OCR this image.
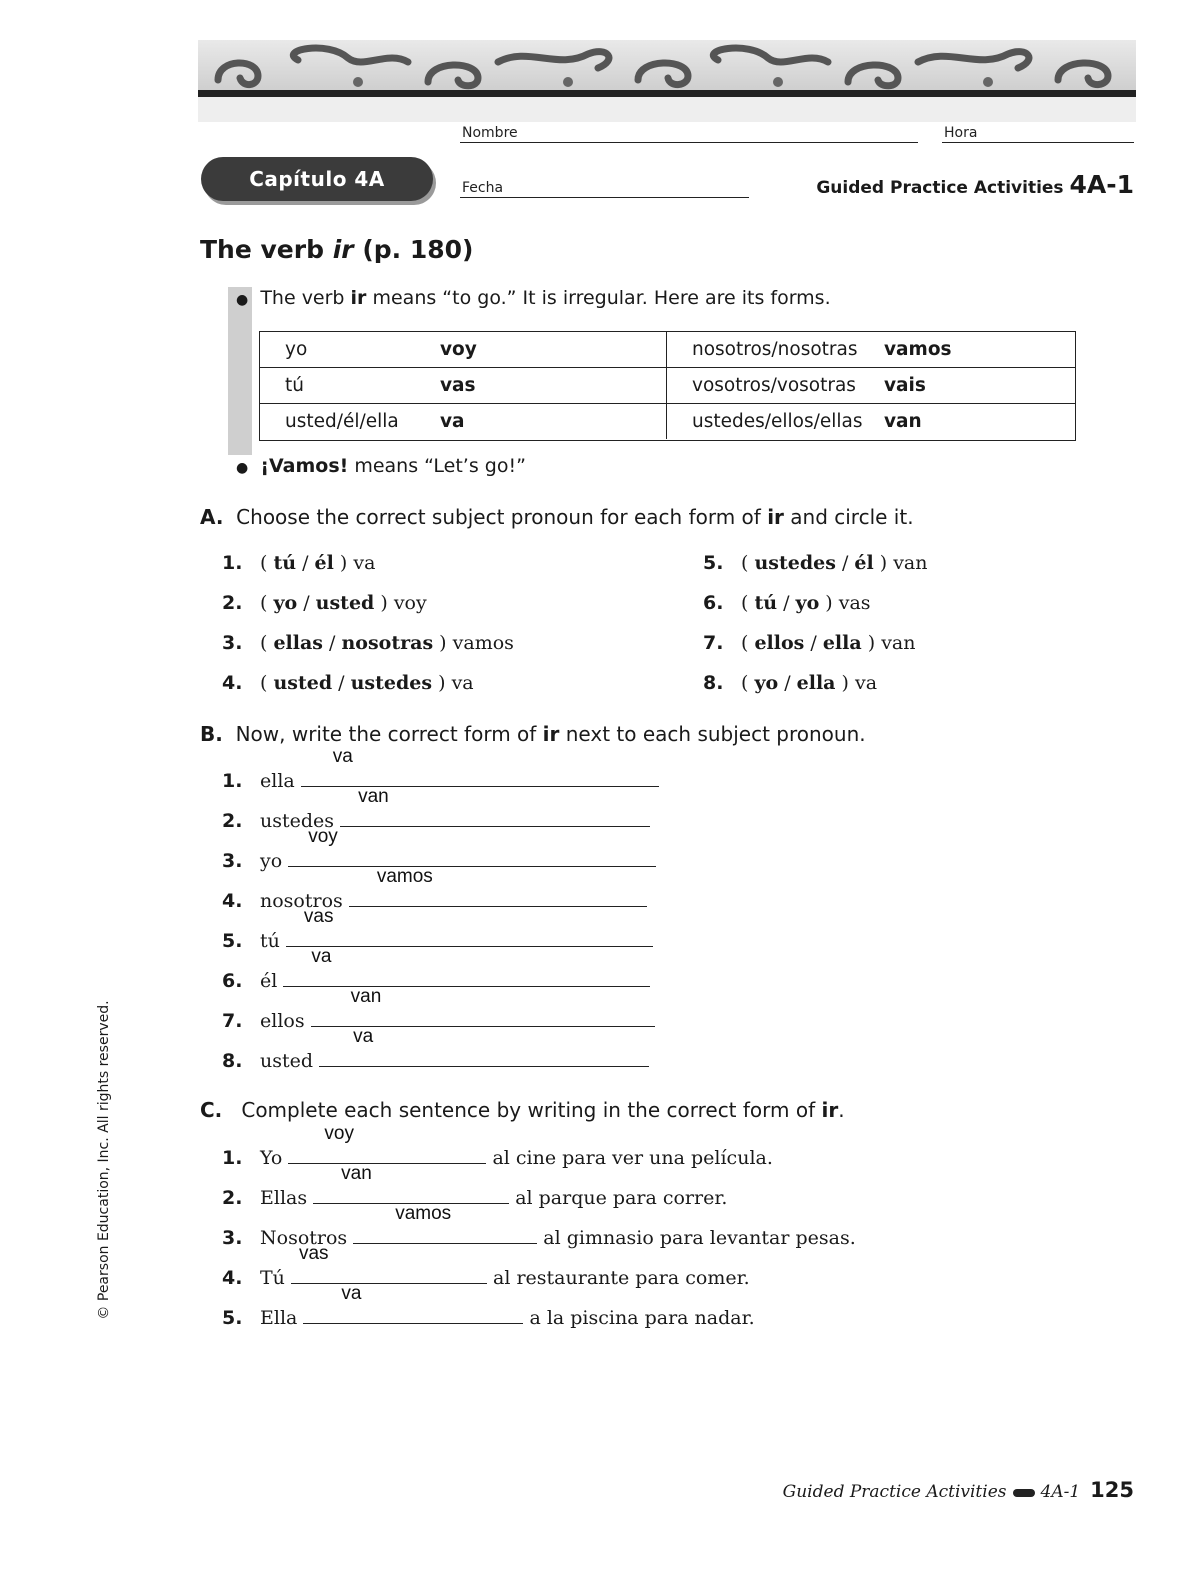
Nombre	Hora
Fecha
Capítulo 4A	Guided Practice Activities 4A-1
The verb ir (p. 180)
● The verb ir means “to go.” It is irregular. Here are its forms.
yo	voy	nosotros/nosotras	vamos
tú	vas	vosotros/vosotras	vais
usted/él/ella	va	ustedes/ellos/ellas	van
● ¡Vamos! means “Let’s go!”
A. Choose the correct subject pronoun for each form of ir and circle it.
1. ( tú / él ) va
2. ( yo / usted ) voy
3. ( ellas / nosotras ) vamos
4. ( usted / ustedes ) va
5. ( ustedes / él ) van
6. ( tú / yo ) vas
7. ( ellos / ella ) van
8. ( yo / ella ) va
B. Now, write the correct form of ir next to each subject pronoun.
1. ella
va
2. ustedes
van
3. yo
voy
4. nosotros
vamos
5. tú
vas
6. él
va
7. ellos
van
8. usted
va
C. Complete each sentence by writing in the correct form of ir.
1. Yo
voy
al cine para ver una película.
2. Ellas
van
al parque para correr.
3. Nosotros
vamos
al gimnasio para levantar pesas.
4. Tú
vas
al restaurante para comer.
5. Ella
va
a la piscina para nadar.
© Pearson Education, Inc. All rights reserved.
Guided Practice Activities 4A-1 125
